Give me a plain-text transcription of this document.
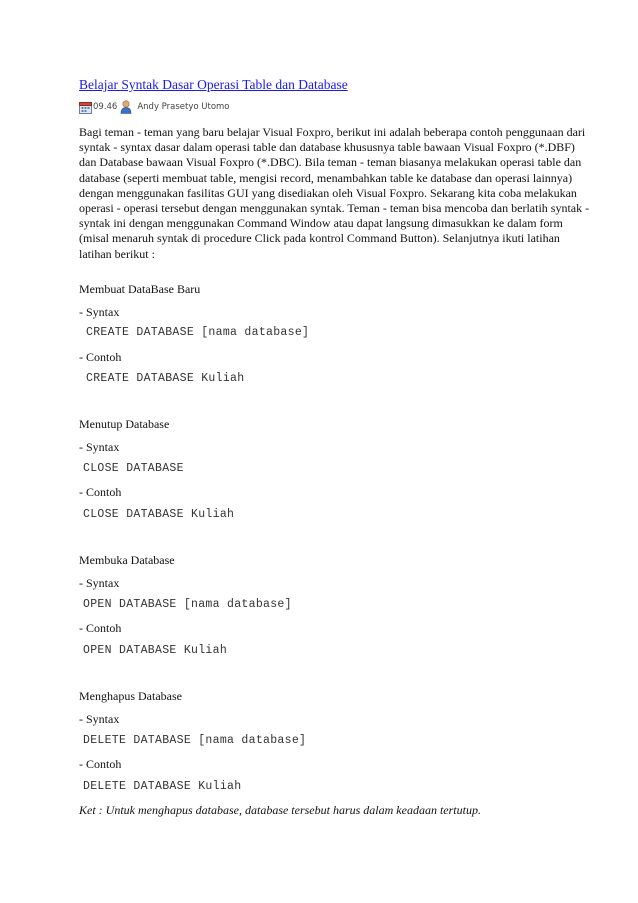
Belajar Syntak Dasar Operasi Table dan Database
09.46 Andy Prasetyo Utomo
Bagi teman - teman yang baru belajar Visual Foxpro, berikut ini adalah beberapa contoh penggunaan dari
syntak - syntax dasar dalam operasi table dan database khususnya table bawaan Visual Foxpro (*.DBF)
dan Database bawaan Visual Foxpro (*.DBC). Bila teman - teman biasanya melakukan operasi table dan
database (seperti membuat table, mengisi record, menambahkan table ke database dan operasi lainnya)
dengan menggunakan fasilitas GUI yang disediakan oleh Visual Foxpro. Sekarang kita coba melakukan
operasi - operasi tersebut dengan menggunakan syntak. Teman - teman bisa mencoba dan berlatih syntak -
syntak ini dengan menggunakan Command Window atau dapat langsung dimasukkan ke dalam form
(misal menaruh syntak di procedure Click pada kontrol Command Button). Selanjutnya ikuti latihan
latihan berikut :
Membuat DataBase Baru
- Syntax
CREATE DATABASE [nama database]
- Contoh
CREATE DATABASE Kuliah
Menutup Database
- Syntax
CLOSE DATABASE
- Contoh
CLOSE DATABASE Kuliah
Membuka Database
- Syntax
OPEN DATABASE [nama database]
- Contoh
OPEN DATABASE Kuliah
Menghapus Database
- Syntax
DELETE DATABASE [nama database]
- Contoh
DELETE DATABASE Kuliah
Ket : Untuk menghapus database, database tersebut harus dalam keadaan tertutup.
